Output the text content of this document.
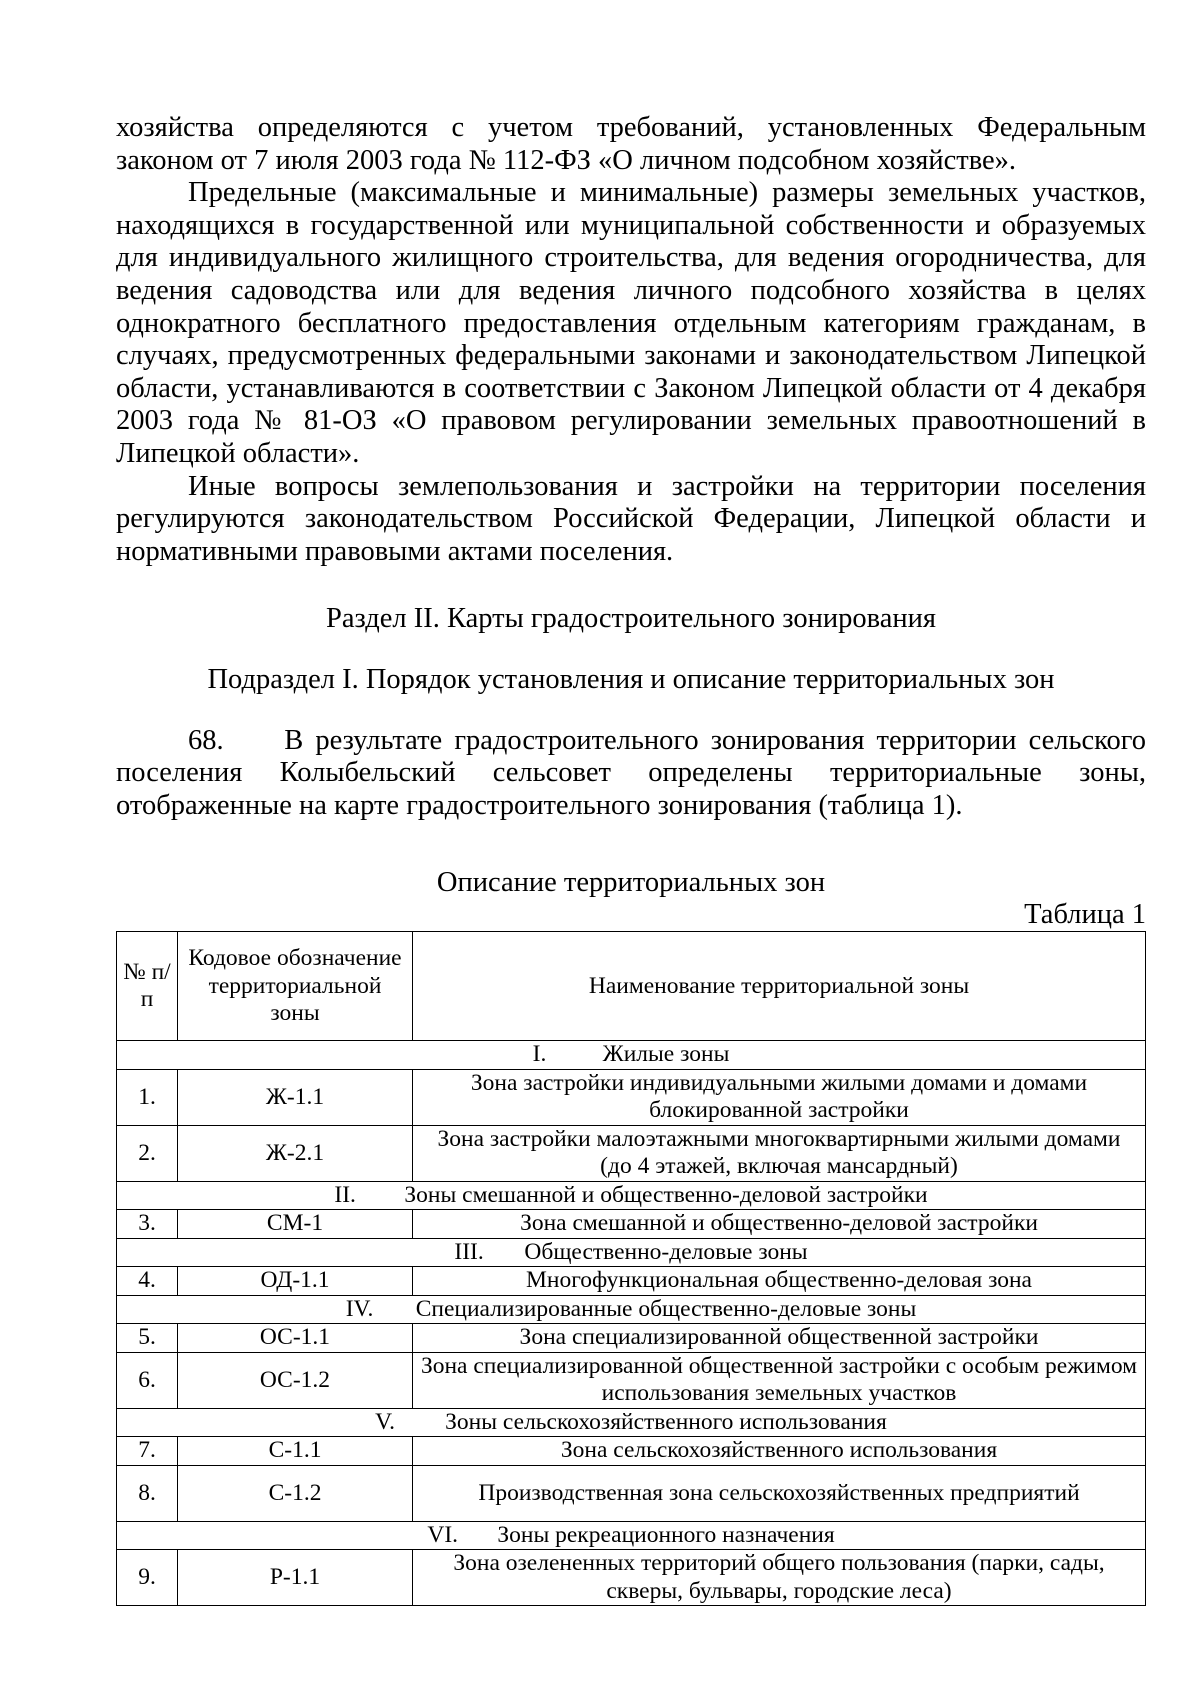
хозяйства определяются с учетом требований, установленных Федеральным законом от 7 июля 2003 года № 112-ФЗ «О личном подсобном хозяйстве».

Предельные (максимальные и минимальные) размеры земельных участков, находящихся в государственной или муниципальной собственности и образуемых для индивидуального жилищного строительства, для ведения огородничества, для ведения садоводства или для ведения личного подсобного хозяйства в целях однократного бесплатного предоставления отдельным категориям гражданам, в случаях, предусмотренных федеральными законами и законодательством Липецкой области, устанавливаются в соответствии с Законом Липецкой области от 4 декабря 2003 года № 81-ОЗ «О правовом регулировании земельных правоотношений в Липецкой области».

Иные вопросы землепользования и застройки на территории поселения регулируются законодательством Российской Федерации, Липецкой области и нормативными правовыми актами поселения.

Раздел II. Карты градостроительного зонирования

Подраздел I. Порядок установления и описание территориальных зон

68.     В результате градостроительного зонирования территории сельского поселения Колыбельский сельсовет определены территориальные зоны, отображенные на карте градостроительного зонирования (таблица 1).

Описание территориальных зон

Таблица 1

№ п/п	Кодовое обозначение территориальной зоны	Наименование территориальной зоны
I. Жилые зоны		
1.	Ж-1.1	Зона застройки индивидуальными жилыми домами и домами блокированной застройки
2.	Ж-2.1	Зона застройки малоэтажными многоквартирными жилыми домами (до 4 этажей, включая мансардный)
II. Зоны смешанной и общественно-деловой застройки		
3.	СМ-1	Зона смешанной и общественно-деловой застройки
III. Общественно-деловые зоны		
4.	ОД-1.1	Многофункциональная общественно-деловая зона
IV. Специализированные общественно-деловые зоны		
5.	ОС-1.1	Зона специализированной общественной застройки
6.	ОС-1.2	Зона специализированной общественной застройки с особым режимом использования земельных участков
V. Зоны сельскохозяйственного использования		
7.	С-1.1	Зона сельскохозяйственного использования
8.	С-1.2	Производственная зона сельскохозяйственных предприятий
VI. Зоны рекреационного назначения		
9.	Р-1.1	Зона озелененных территорий общего пользования (парки, сады, скверы, бульвары, городские леса)
